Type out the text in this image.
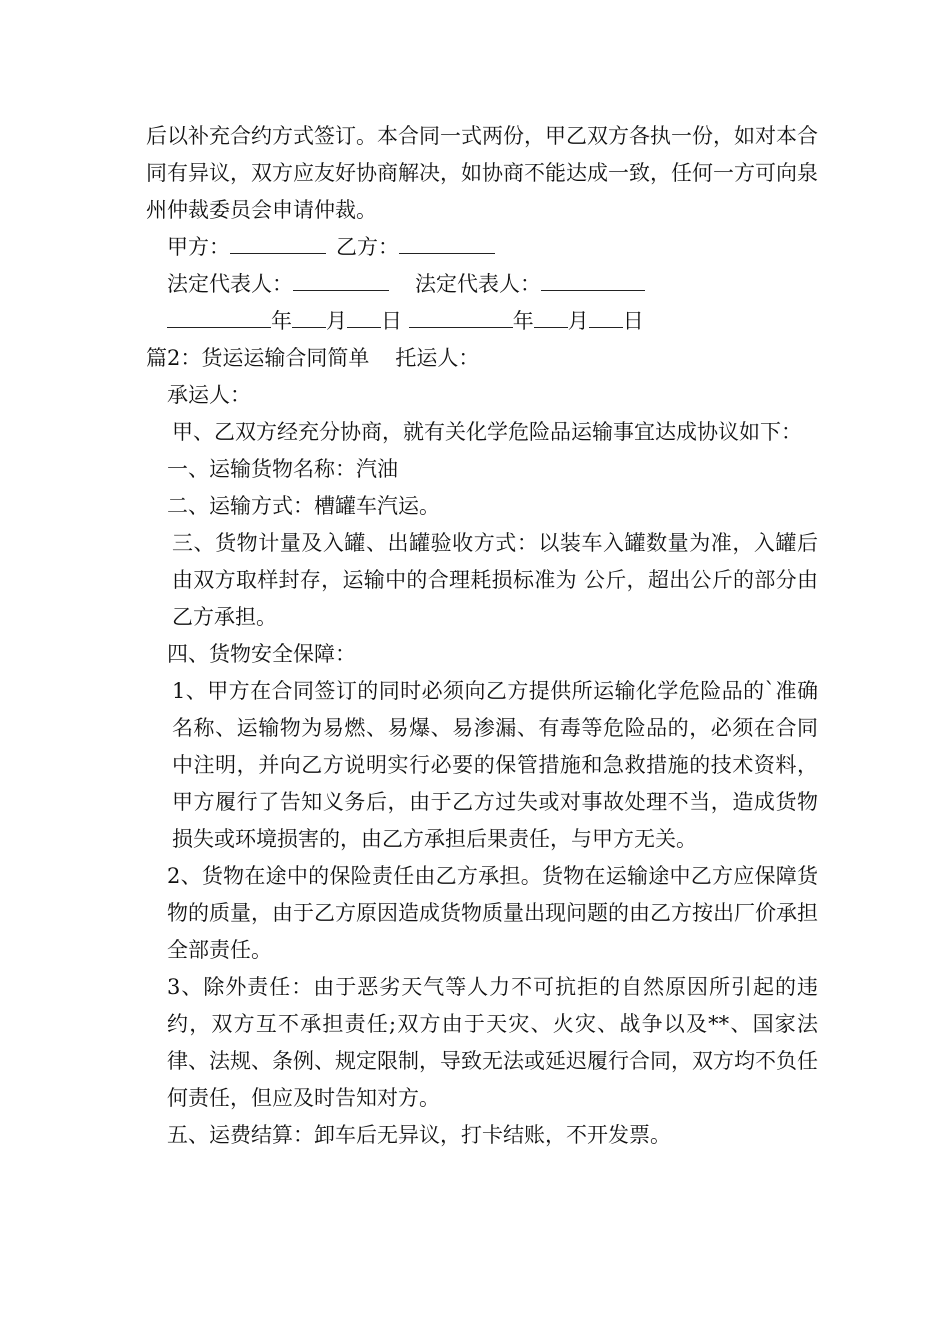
后以补充合约方式签订。本合同一式两份，甲乙双方各执一份，如对本合同有异议，双方应友好协商解决，如协商不能达成一致，任何一方可向泉州仲裁委员会申请仲裁。

甲方：	乙方：

法定代表人：	法定代表人：

年 月 日	年 月 日

篇2：货运运输合同简单 托运人：

承运人：

甲、乙双方经充分协商，就有关化学危险品运输事宜达成协议如下：

一、运输货物名称：汽油

二、运输方式：槽罐车汽运。

三、货物计量及入罐、出罐验收方式：以装车入罐数量为准，入罐后由双方取样封存，运输中的合理耗损标准为 公斤，超出公斤的部分由乙方承担。

四、货物安全保障：

1、甲方在合同签订的同时必须向乙方提供所运输化学危险品的`准确名称、运输物为易燃、易爆、易渗漏、有毒等危险品的，必须在合同中注明，并向乙方说明实行必要的保管措施和急救措施的技术资料，甲方履行了告知义务后，由于乙方过失或对事故处理不当，造成货物损失或环境损害的，由乙方承担后果责任，与甲方无关。

2、货物在途中的保险责任由乙方承担。货物在运输途中乙方应保障货物的质量，由于乙方原因造成货物质量出现问题的由乙方按出厂价承担全部责任。

3、除外责任：由于恶劣天气等人力不可抗拒的自然原因所引起的违约，双方互不承担责任;双方由于天灾、火灾、战争以及**、国家法律、法规、条例、规定限制，导致无法或延迟履行合同，双方均不负任何责任，但应及时告知对方。

五、运费结算：卸车后无异议，打卡结账，不开发票。
